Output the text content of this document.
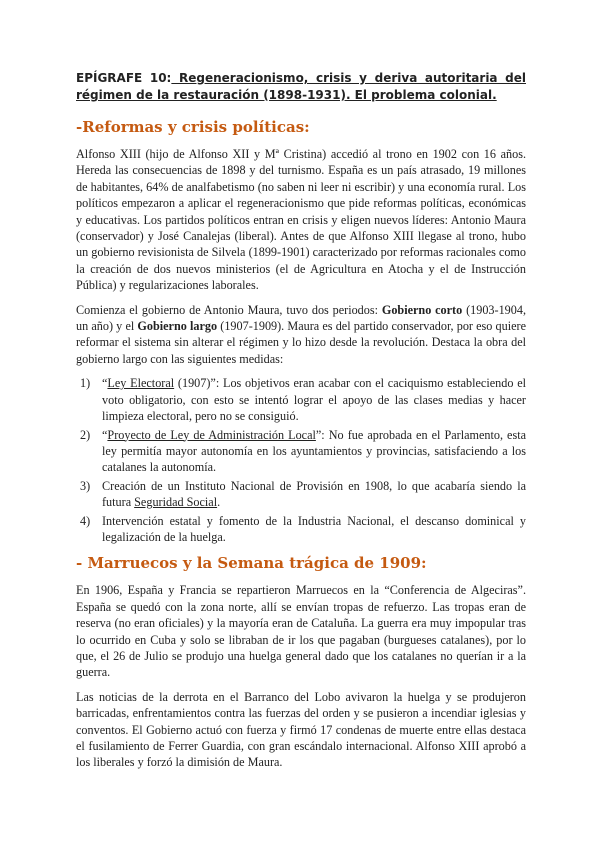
EPÍGRAFE 10: Regeneracionismo, crisis y deriva autoritaria del régimen de la restauración (1898-1931). El problema colonial.

-Reformas y crisis políticas:

Alfonso XIII (hijo de Alfonso XII y Mª Cristina) accedió al trono en 1902 con 16 años. Hereda las consecuencias de 1898 y del turnismo. España es un país atrasado, 19 millones de habitantes, 64% de analfabetismo (no saben ni leer ni escribir) y una economía rural. Los políticos empezaron a aplicar el regeneracionismo que pide reformas políticas, económicas y educativas. Los partidos políticos entran en crisis y eligen nuevos líderes: Antonio Maura (conservador) y José Canalejas (liberal). Antes de que Alfonso XIII llegase al trono, hubo un gobierno revisionista de Silvela (1899-1901) caracterizado por reformas racionales como la creación de dos nuevos ministerios (el de Agricultura en Atocha y el de Instrucción Pública) y regularizaciones laborales.

Comienza el gobierno de Antonio Maura, tuvo dos periodos: Gobierno corto (1903-1904, un año) y el Gobierno largo (1907-1909). Maura es del partido conservador, por eso quiere reformar el sistema sin alterar el régimen y lo hizo desde la revolución. Destaca la obra del gobierno largo con las siguientes medidas:

1) “Ley Electoral (1907)”: Los objetivos eran acabar con el caciquismo estableciendo el voto obligatorio, con esto se intentó lograr el apoyo de las clases medias y hacer limpieza electoral, pero no se consiguió.
2) “Proyecto de Ley de Administración Local”: No fue aprobada en el Parlamento, esta ley permitía mayor autonomía en los ayuntamientos y provincias, satisfaciendo a los catalanes la autonomía.
3) Creación de un Instituto Nacional de Provisión en 1908, lo que acabaría siendo la futura Seguridad Social.
4) Intervención estatal y fomento de la Industria Nacional, el descanso dominical y legalización de la huelga.
- Marruecos y la Semana trágica de 1909:

En 1906, España y Francia se repartieron Marruecos en la “Conferencia de Algeciras”. España se quedó con la zona norte, allí se envían tropas de refuerzo. Las tropas eran de reserva (no eran oficiales) y la mayoría eran de Cataluña. La guerra era muy impopular tras lo ocurrido en Cuba y solo se libraban de ir los que pagaban (burgueses catalanes), por lo que, el 26 de Julio se produjo una huelga general dado que los catalanes no querían ir a la guerra.

Las noticias de la derrota en el Barranco del Lobo avivaron la huelga y se produjeron barricadas, enfrentamientos contra las fuerzas del orden y se pusieron a incendiar iglesias y conventos. El Gobierno actuó con fuerza y firmó 17 condenas de muerte entre ellas destaca el fusilamiento de Ferrer Guardia, con gran escándalo internacional. Alfonso XIII aprobó a los liberales y forzó la dimisión de Maura.
